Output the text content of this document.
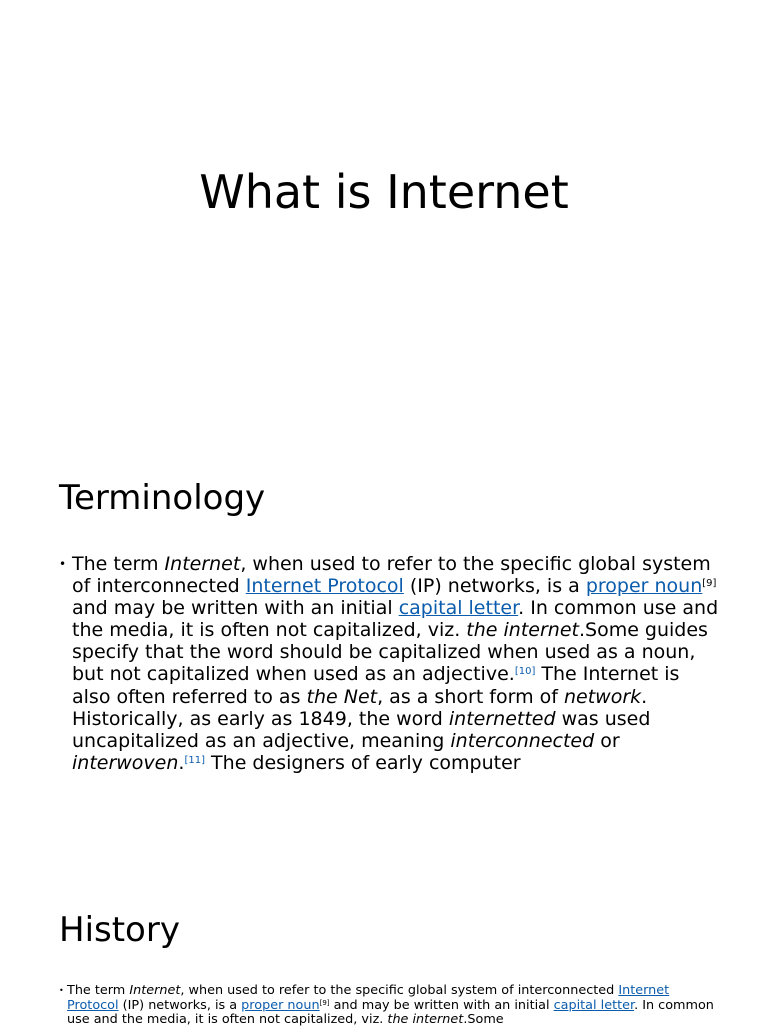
What is Internet
Terminology

• The term Internet, when used to refer to the specific global system of interconnected Internet Protocol (IP) networks, is a proper noun[9] and may be written with an initial capital letter. In common use and the media, it is often not capitalized, viz. the internet.Some guides specify that the word should be capitalized when used as a noun, but not capitalized when used as an adjective.[10] The Internet is also often referred to as the Net, as a short form of network. Historically, as early as 1849, the word internetted was used uncapitalized as an adjective, meaning interconnected or interwoven.[11] The designers of early computer

History

• The term Internet, when used to refer to the specific global system of interconnected Internet Protocol (IP) networks, is a proper noun[9] and may be written with an initial capital letter. In common use and the media, it is often not capitalized, viz. the internet.Some
